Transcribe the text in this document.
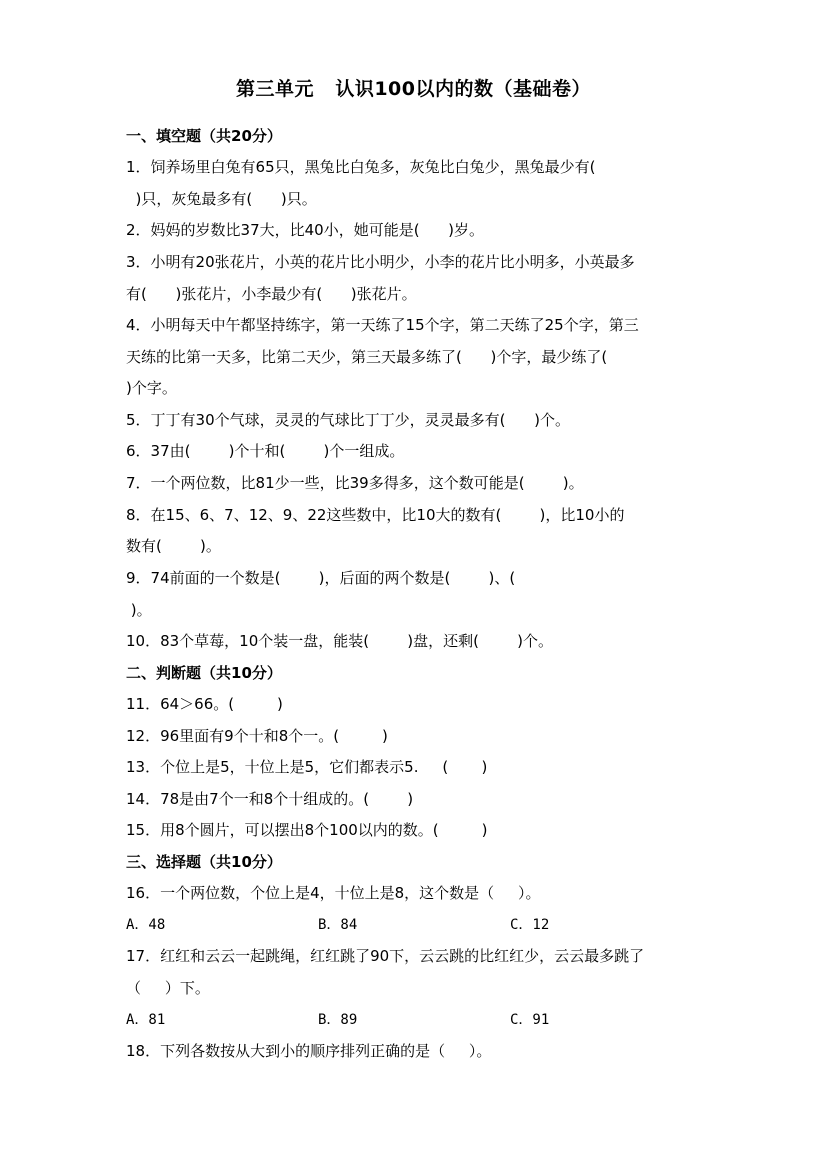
第三单元   认识100以内的数（基础卷）
一、填空题（共20分）
1．饲养场里白兔有65只，黑兔比白兔多，灰兔比白兔少，黑兔最少有(
)只，灰兔最多有(      )只。
2．妈妈的岁数比37大，比40小，她可能是(      )岁。
3．小明有20张花片，小英的花片比小明少，小李的花片比小明多，小英最多
有(      )张花片，小李最少有(      )张花片。
4．小明每天中午都坚持练字，第一天练了15个字，第二天练了25个字，第三
天练的比第一天多，比第二天少，第三天最多练了(      )个字，最少练了(
)个字。
5．丁丁有30个气球，灵灵的气球比丁丁少，灵灵最多有(      )个。
6．37由(        )个十和(        )个一组成。
7．一个两位数，比81少一些，比39多得多，这个数可能是(        )。
8．在15、6、7、12、9、22这些数中，比10大的数有(        )，比10小的
数有(        )。
9．74前面的一个数是(        )，后面的两个数是(        )、(
)。
10．83个草莓，10个装一盘，能装(        )盘，还剩(        )个。
二、判断题（共10分）
11．64＞66。(         )
12．96里面有9个十和8个一。(         )
13．个位上是5，十位上是5，它们都表示5.     (       )
14．78是由7个一和8个十组成的。(        )
15．用8个圆片，可以摆出8个100以内的数。(         )
三、选择题（共10分）
16．一个两位数，个位上是4，十位上是8，这个数是（     ）。
A．48	B．84	C．12
17．红红和云云一起跳绳，红红跳了90下，云云跳的比红红少，云云最多跳了
（     ）下。
A．81	B．89	C．91
18．下列各数按从大到小的顺序排列正确的是（     ）。
